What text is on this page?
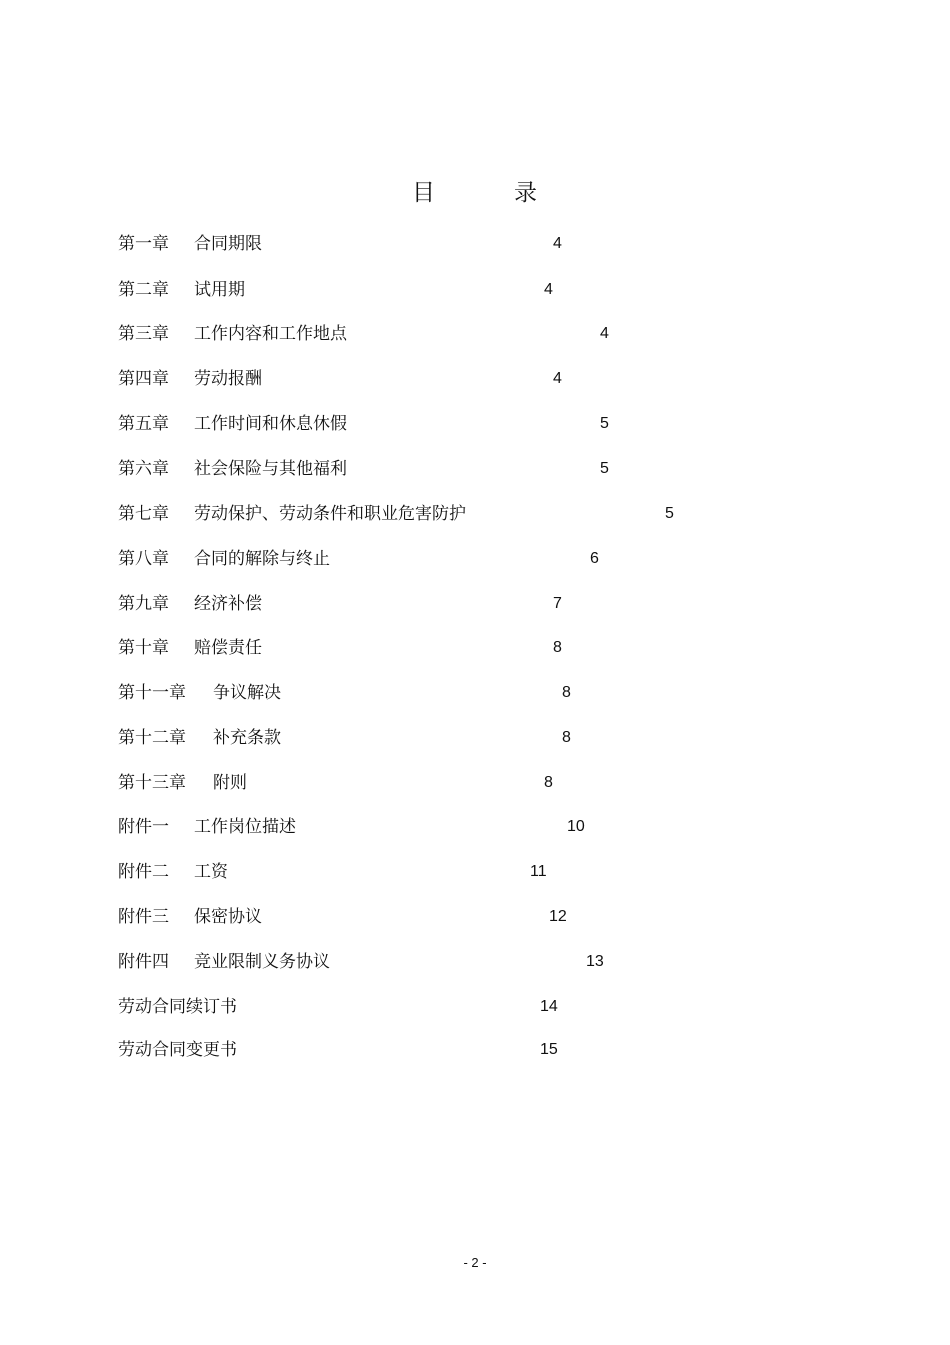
目	录
第一章 合同期限	4
第二章 试用期	4
第三章 工作内容和工作地点	4
第四章 劳动报酬	4
第五章 工作时间和休息休假	5
第六章 社会保险与其他福利	5
第七章 劳动保护、劳动条件和职业危害防护	5
第八章 合同的解除与终止	6
第九章 经济补偿	7
第十章 赔偿责任	8
第十一章 争议解决	8
第十二章 补充条款	8
第十三章 附则	8
附件一 工作岗位描述	10
附件二 工资	11
附件三 保密协议	12
附件四 竞业限制义务协议	13
劳动合同续订书	14
劳动合同变更书	15
- 2 -
